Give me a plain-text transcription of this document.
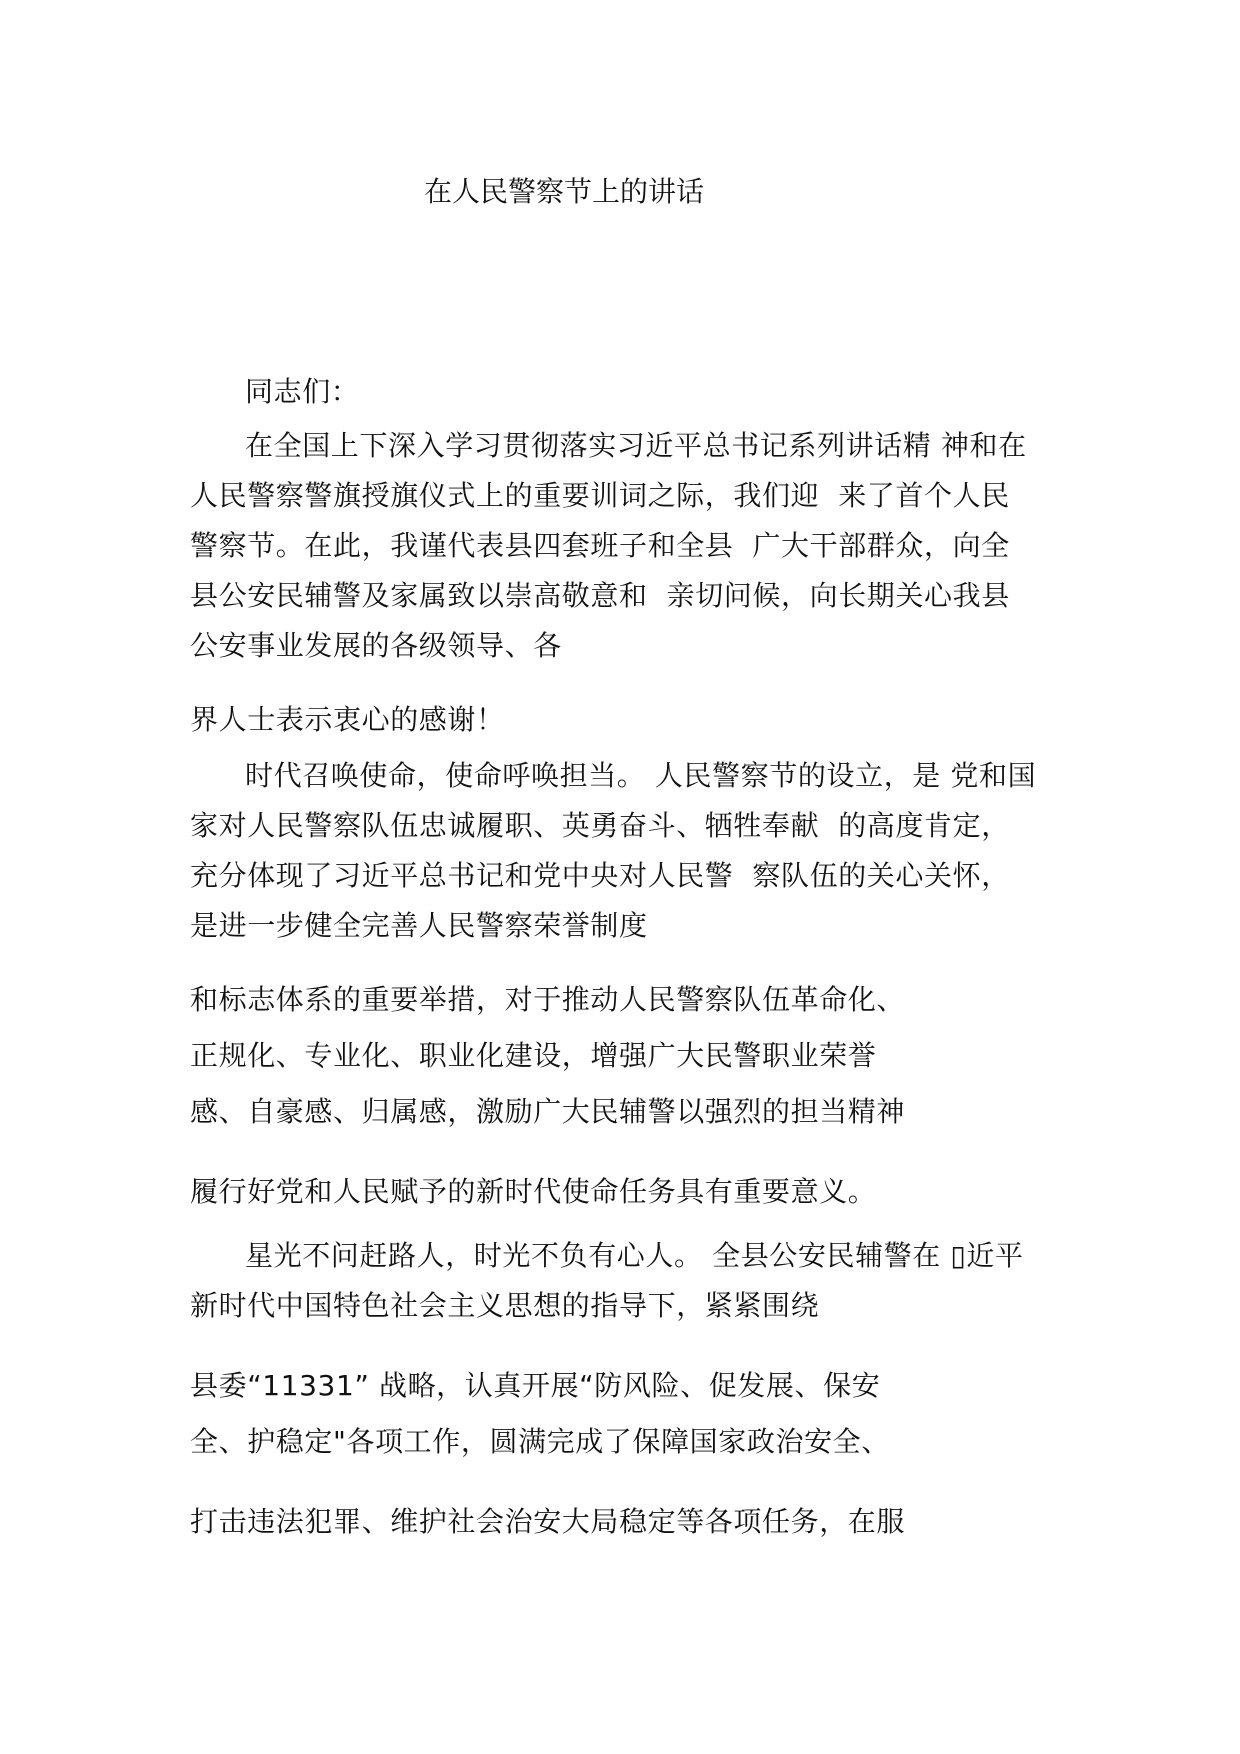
在人民警察节上的讲话
同志们：
在全国上下深入学习贯彻落实习近平总书记系列讲话精 神和在
人民警察警旗授旗仪式上的重要训词之际，我们迎  来了首个人民
警察节。在此，我谨代表县四套班子和全县  广大干部群众，向全
县公安民辅警及家属致以崇高敬意和  亲切问候，向长期关心我县
公安事业发展的各级领导、各
界人士表示衷心的感谢！
时代召唤使命，使命呼唤担当。 人民警察节的设立，是 党和国
家对人民警察队伍忠诚履职、英勇奋斗、牺牲奉献  的高度肯定，
充分体现了习近平总书记和党中央对人民警  察队伍的关心关怀，
是进一步健全完善人民警察荣誉制度
和标志体系的重要举措，对于推动人民警察队伍革命化、
正规化、专业化、职业化建设，增强广大民警职业荣誉
感、自豪感、归属感，激励广大民辅警以强烈的担当精神
履行好党和人民赋予的新时代使命任务具有重要意义。
星光不问赶路人，时光不负有心人。 全县公安民辅警在 ▯近平
新时代中国特色社会主义思想的指导下，紧紧围绕
县委“11331” 战略，认真开展“防风险、促发展、保安
全、护稳定"各项工作，圆满完成了保障国家政治安全、
打击违法犯罪、维护社会治安大局稳定等各项任务，在服
